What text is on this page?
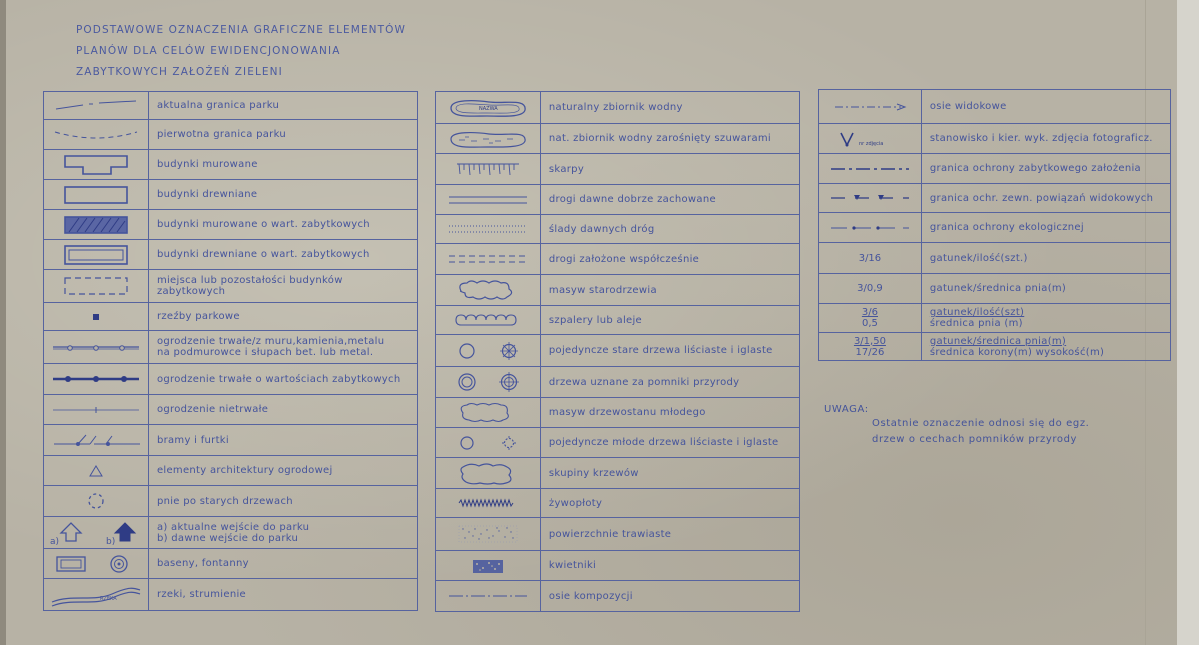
PODSTAWOWE OZNACZENIA GRAFICZNE ELEMENTÓW
PLANÓW DLA CELÓW EWIDENCJONOWANIA
ZABYTKOWYCH ZAŁOŻEŃ ZIELENI
	aktualna granica parku

	pierwotna granica parku

	budynki murowane

	budynki drewniane

	budynki murowane o wart. zabytkowych

	budynki drewniane o wart. zabytkowych

miejsca lub pozostałości budynków
zabytkowych

	rzeźby parkowe

ogrodzenie trwałe/z muru,kamienia,metalu
na podmurowce i słupach bet. lub metal.

	ogrodzenie trwałe o wartościach zabytkowych

	ogrodzenie nietrwałe

	bramy i furtki

	elementy architektury ogrodowej

	pnie po starych drzewach

a) b)	a) aktualne wejście do parku
b) dawne wejście do parku

	baseny, fontanny

RZEKA	rzeki, strumienie
NAZWA	naturalny zbiornik wodny

	nat. zbiornik wodny zarośnięty szuwarami

	skarpy

	drogi dawne dobrze zachowane

	ślady dawnych dróg

	drogi założone współcześnie

	masyw starodrzewia

	szpalery lub aleje

	pojedyncze stare drzewa liściaste i iglaste

	drzewa uznane za pomniki przyrody

	masyw drzewostanu młodego

	pojedyncze młode drzewa liściaste i iglaste

	skupiny krzewów

	żywopłoty

	powierzchnie trawiaste

	kwietniki

	osie kompozycji
	osie widokowe

nr zdjęcia	stanowisko i kier. wyk. zdjęcia fotograficz.

	granica ochrony zabytkowego założenia

	granica ochr. zewn. powiązań widokowych

	granica ochrony ekologicznej
3/16	gatunek/ilość(szt.)
3/0,9	gatunek/średnica pnia(m)

3/6
0,5	gatunek/ilość(szt)
średnica pnia (m)

3/1,50
17/26	gatunek/średnica pnia(m)
średnica korony(m) wysokość(m)
UWAGA:
Ostatnie oznaczenie odnosi się do egz.
drzew o cechach pomników przyrody
